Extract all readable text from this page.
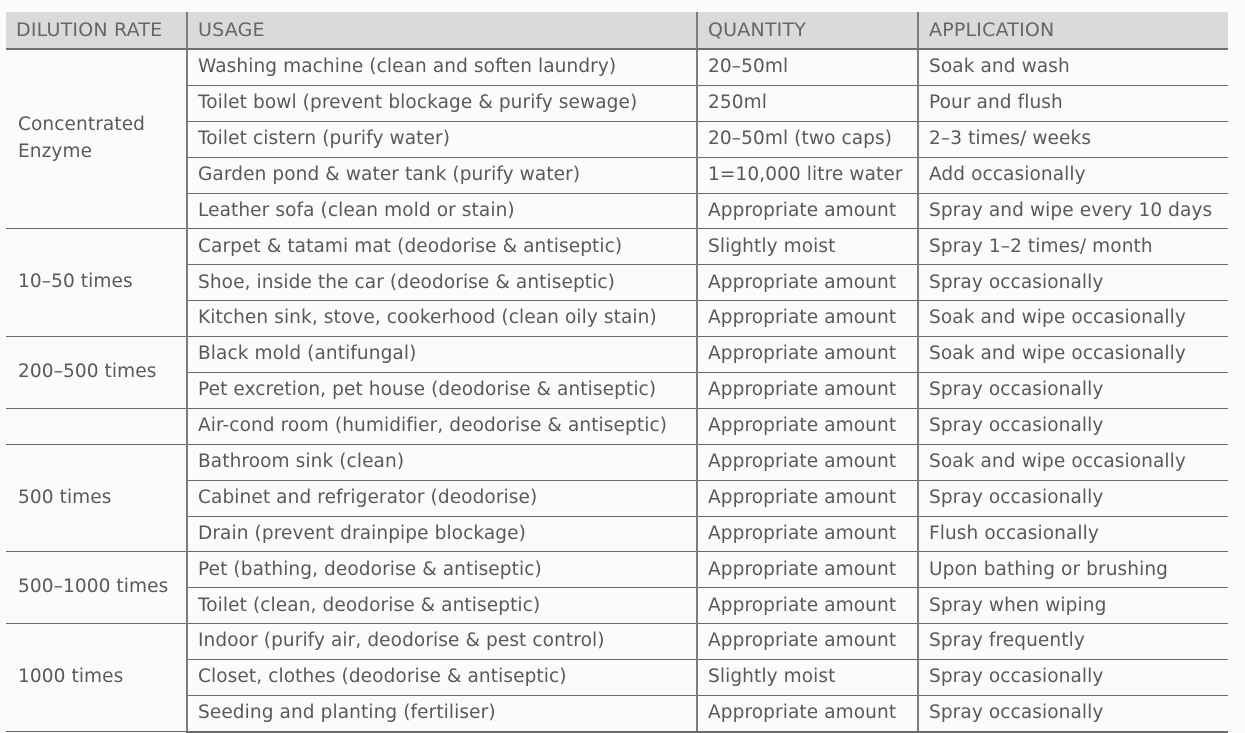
DILUTION RATE	USAGE	QUANTITY	APPLICATION
Concentrated Enzyme	Washing machine (clean and soften laundry)	20–50ml	Soak and wash
	Toilet bowl (prevent blockage & purify sewage)	250ml	Pour and flush
	Toilet cistern (purify water)	20–50ml (two caps)	2–3 times/ weeks
	Garden pond & water tank (purify water)	1=10,000 litre water	Add occasionally
	Leather sofa (clean mold or stain)	Appropriate amount	Spray and wipe every 10 days
10–50 times	Carpet & tatami mat (deodorise & antiseptic)	Slightly moist	Spray 1–2 times/ month
	Shoe, inside the car (deodorise & antiseptic)	Appropriate amount	Spray occasionally
	Kitchen sink, stove, cookerhood (clean oily stain)	Appropriate amount	Soak and wipe occasionally
200–500 times	Black mold (antifungal)	Appropriate amount	Soak and wipe occasionally
	Pet excretion, pet house (deodorise & antiseptic)	Appropriate amount	Spray occasionally
	Air-cond room (humidifier, deodorise & antiseptic)	Appropriate amount	Spray occasionally
500 times	Bathroom sink (clean)	Appropriate amount	Soak and wipe occasionally
	Cabinet and refrigerator (deodorise)	Appropriate amount	Spray occasionally
	Drain (prevent drainpipe blockage)	Appropriate amount	Flush occasionally
500–1000 times	Pet (bathing, deodorise & antiseptic)	Appropriate amount	Upon bathing or brushing
	Toilet (clean, deodorise & antiseptic)	Appropriate amount	Spray when wiping
1000 times	Indoor (purify air, deodorise & pest control)	Appropriate amount	Spray frequently
	Closet, clothes (deodorise & antiseptic)	Slightly moist	Spray occasionally
	Seeding and planting (fertiliser)	Appropriate amount	Spray occasionally
